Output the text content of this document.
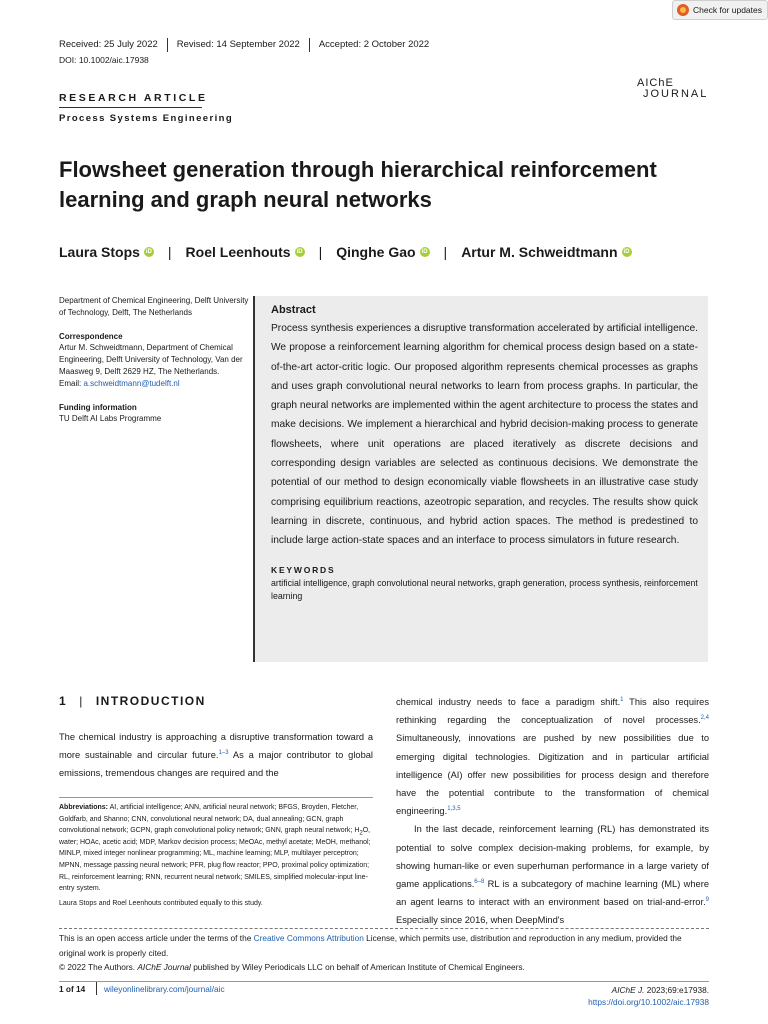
Check for updates
Received: 25 July 2022	Revised: 14 September 2022	Accepted: 2 October 2022
DOI: 10.1002/aic.17938
AIChE
JOURNAL
RESEARCH ARTICLE
Process Systems Engineering
Flowsheet generation through hierarchical reinforcement learning and graph neural networks
Laura Stops	iD	|	Roel Leenhouts	iD	|	Qinghe Gao	iD	|	Artur M. Schweidtmann	iD

Department of Chemical Engineering, Delft University of Technology, Delft, The Netherlands

Correspondence

Artur M. Schweidtmann, Department of Chemical Engineering, Delft University of Technology, Van der Maasweg 9, Delft 2629 HZ, The Netherlands.
Email: a.schweidtmann@tudelft.nl

Funding information

TU Delft AI Labs Programme

Abstract
Process synthesis experiences a disruptive transformation accelerated by artificial intelligence. We propose a reinforcement learning algorithm for chemical process design based on a state-of-the-art actor-critic logic. Our proposed algorithm represents chemical processes as graphs and uses graph convolutional neural networks to learn from process graphs. In particular, the graph neural networks are implemented within the agent architecture to process the states and make decisions. We implement a hierarchical and hybrid decision-making process to generate flowsheets, where unit operations are placed iteratively as discrete decisions and corresponding design variables are selected as continuous decisions. We demonstrate the potential of our method to design economically viable flowsheets in an illustrative case study comprising equilibrium reactions, azeotropic separation, and recycles. The results show quick learning in discrete, continuous, and hybrid action spaces. The method is predestined to include large action-state spaces and an interface to process simulators in future research.
KEYWORDS
artificial intelligence, graph convolutional neural networks, graph generation, process synthesis, reinforcement learning
1 | INTRODUCTION
The chemical industry is approaching a disruptive transformation toward a more sustainable and circular future.$^{1-3}$ As a major contributor to global emissions, tremendous changes are required and the

Abbreviations: AI, artificial intelligence; ANN, artificial neural network; BFGS, Broyden, Fletcher, Goldfarb, and Shanno; CNN, convolutional neural network; DA, dual annealing; GCN, graph convolutional network; GCPN, graph convolutional policy network; GNN, graph neural network; $H_2O$, water; HOAc, acetic acid; MDP, Markov decision process; MeOAc, methyl acetate; MeOH, methanol; MINLP, mixed integer nonlinear programming; ML, machine learning; MLP, multilayer perceptron; MPNN, message passing neural network; PFR, plug flow reactor; PPO, proximal policy optimization; RL, reinforcement learning; RNN, recurrent neural network; SMILES, simplified molecular-input line-entry system.

Laura Stops and Roel Leenhouts contributed equally to this study.

chemical industry needs to face a paradigm shift.$^1$ This also requires rethinking regarding the conceptualization of novel processes.$^{2,4}$ Simultaneously, innovations are pushed by new possibilities due to emerging digital technologies. Digitization and in particular artificial intelligence (AI) offer new possibilities for process design and therefore have the potential contribute to the transformation of chemical engineering.$^{1,3,5}$

In the last decade, reinforcement learning (RL) has demonstrated its potential to solve complex decision-making problems, for example, by showing human-like or even superhuman performance in a large variety of game applications.$^{6-8}$ RL is a subcategory of machine learning (ML) where an agent learns to interact with an environment based on trial-and-error.$^9$ Especially since 2016, when DeepMind's

This is an open access article under the terms of the Creative Commons Attribution License, which permits use, distribution and reproduction in any medium, provided the original work is properly cited.

© 2022 The Authors. AIChE Journal published by Wiley Periodicals LLC on behalf of American Institute of Chemical Engineers.

1 of 14 wileyonlinelibrary.com/journal/aic	AIChE J. 2023;69:e17938.
https://doi.org/10.1002/aic.17938
